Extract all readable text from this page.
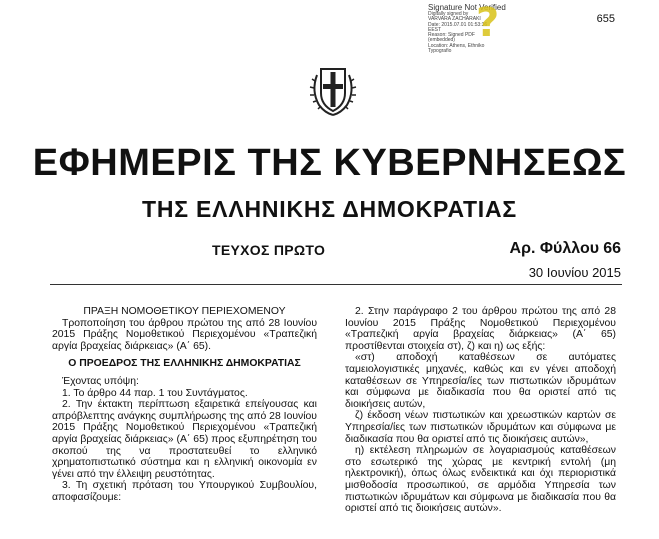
Signature Not Verified
Digitally signed by
VARVARA ZACHARAKI
Date: 2015.07.01 01:53:36
EEST
Reason: Signed PDF
(embedded)
Location: Athens, Ethniko
Typografio
?	655
ΕΦΗΜΕΡΙΣ ΤΗΣ ΚΥΒΕΡΝΗΣΕΩΣ
ΤΗΣ ΕΛΛΗΝΙΚΗΣ ΔΗΜΟΚΡΑΤΙΑΣ
ΤΕΥΧΟΣ ΠΡΩΤΟ	Αρ. Φύλλου 66
30 Ιουνίου 2015

ΠΡΑΞΗ ΝΟΜΟΘΕΤΙΚΟΥ ΠΕΡΙΕΧΟΜΕΝΟΥ

Τροποποίηση του άρθρου πρώτου της από 28 Ιουνίου 2015 Πράξης Νομοθετικού Περιεχομένου «Τραπεζική αργία βραχείας διάρκειας» (Α΄ 65).

Ο ΠΡΟΕΔΡΟΣ ΤΗΣ ΕΛΛΗΝΙΚΗΣ ΔΗΜΟΚΡΑΤΙΑΣ

Έχοντας υπόψη:

1. Το άρθρο 44 παρ. 1 του Συντάγματος.

2. Την έκτακτη περίπτωση εξαιρετικά επείγουσας και απρόβλεπτης ανάγκης συμπλήρωσης της από 28 Ιουνίου 2015 Πράξης Νομοθετικού Περιεχομένου «Τραπεζική αργία βραχείας διάρκειας» (Α΄ 65) προς εξυπηρέτηση του σκοπού της να προστατευθεί το ελληνικό χρηματοπιστωτικό σύστημα και η ελληνική οικονομία εν γένει από την έλλειψη ρευστότητας.

3. Τη σχετική πρόταση του Υπουργικού Συμβουλίου, αποφασίζουμε:

2. Στην παράγραφο 2 του άρθρου πρώτου της από 28 Ιουνίου 2015 Πράξης Νομοθετικού Περιεχομένου «Τραπεζική αργία βραχείας διάρκειας» (Α΄ 65) προστίθενται στοιχεία στ), ζ) και η) ως εξής:

«στ) αποδοχή καταθέσεων σε αυτόματες ταμειολογιστικές μηχανές, καθώς και εν γένει αποδοχή καταθέσεων σε Υπηρεσία/ίες των πιστωτικών ιδρυμάτων και σύμφωνα με διαδικασία που θα οριστεί από τις διοικήσεις αυτών,

ζ) έκδοση νέων πιστωτικών και χρεωστικών καρτών σε Υπηρεσία/ίες των πιστωτικών ιδρυμάτων και σύμφωνα με διαδικασία που θα οριστεί από τις διοικήσεις αυτών»,

η) εκτέλεση πληρωμών σε λογαριασμούς καταθέσεων στο εσωτερικό της χώρας με κεντρική εντολή (μη ηλεκτρονική), όπως όλως ενδεικτικά και όχι περιοριστικά μισθοδοσία προσωπικού, σε αρμόδια Υπηρεσία των πιστωτικών ιδρυμάτων και σύμφωνα με διαδικασία που θα οριστεί από τις διοικήσεις αυτών».
